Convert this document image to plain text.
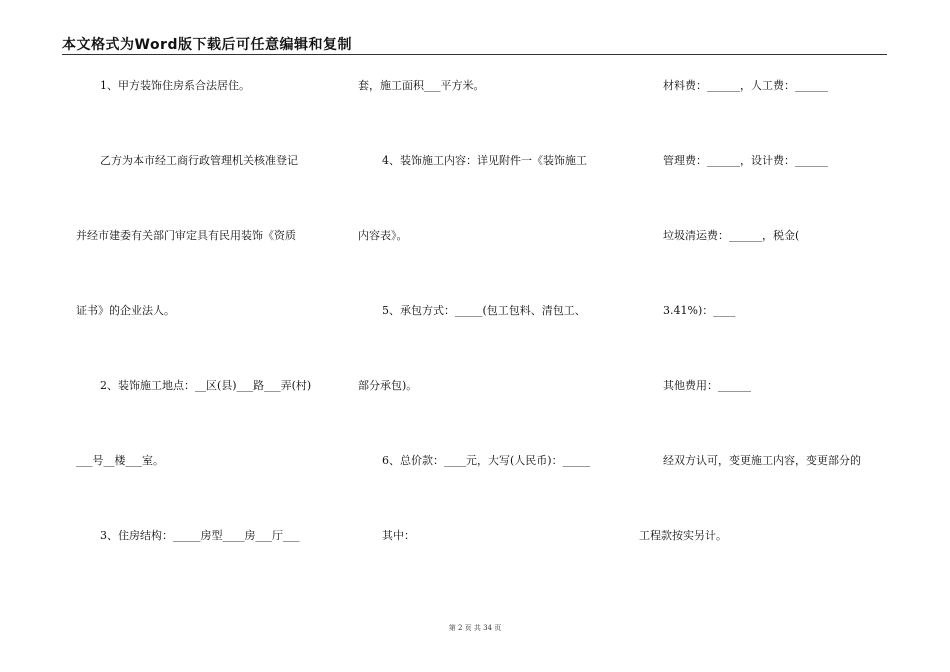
本文格式为Word版下载后可任意编辑和复制
1、甲方装饰住房系合法居住。
乙方为本市经工商行政管理机关核准登记
并经市建委有关部门审定具有民用装饰《资质
证书》的企业法人。
2、装饰施工地点：__区(县)___路___弄(村)
___号__楼___室。
3、住房结构：_____房型____房___厅___
套，施工面积___平方米。
4、装饰施工内容：详见附件一《装饰施工
内容表》。
5、承包方式：_____(包工包料、清包工、
部分承包)。
6、总价款：____元，大写(人民币)：_____
其中：
材料费：______，人工费：______
管理费：______，设计费：______
垃圾清运费：______，税金(
3.41%)：____
其他费用：______
经双方认可，变更施工内容，变更部分的
工程款按实另计。
第 2 页 共 34 页
